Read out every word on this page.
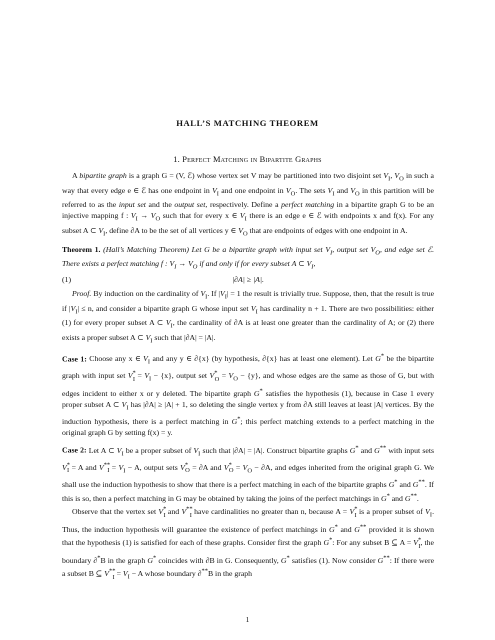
HALL’S MATCHING THEOREM
1. Perfect Matching in Bipartite Graphs

A bipartite graph is a graph G = (V, ℰ) whose vertex set V may be partitioned into two disjoint set $V_I$, $V_O$ in such a way that every edge e ∈ ℰ has one endpoint in $V_I$ and one endpoint in $V_O$. The sets $V_I$ and $V_O$ in this partition will be referred to as the input set and the output set, respectively. Define a perfect matching in a bipartite graph G to be an injective mapping f : $V_I \to V_O$ such that for every x ∈ $V_I$ there is an edge e ∈ ℰ with endpoints x and f(x). For any subset A ⊂ $V_I$, define ∂A to be the set of all vertices y ∈ $V_O$ that are endpoints of edges with one endpoint in A.

Theorem 1. (Hall’s Matching Theorem) Let G be a bipartite graph with input set $V_I$, output set $V_O$, and edge set ℰ. There exists a perfect matching f : $V_I \to V_O$ if and only if for every subset A ⊂ $V_I$,

(1)	|∂A| ≥ |A|.

Proof. By induction on the cardinality of $V_I$. If $|V_I| = 1$ the result is trivially true. Suppose, then, that the result is true if $|V_I| \le n$, and consider a bipartite graph G whose input set $V_I$ has cardinality n + 1. There are two possibilities: either (1) for every proper subset A ⊂ $V_I$, the cardinality of ∂A is at least one greater than the cardinality of A; or (2) there exists a proper subset A ⊂ $V_I$ such that |∂A| = |A|.

Case 1: Choose any x ∈ $V_I$ and any y ∈ ∂{x} (by hypothesis, ∂{x} has at least one element). Let G* be the bipartite graph with input set $V^*_I = V_I - \{x\}$, output set $V^*_O = V_O - \{y\}$, and whose edges are the same as those of G, but with edges incident to either x or y deleted. The bipartite graph G* satisfies the hypothesis (1), because in Case 1 every proper subset A ⊂ $V_I$ has |∂A| ≥ |A| + 1, so deleting the single vertex y from ∂A still leaves at least |A| vertices. By the induction hypothesis, there is a perfect matching in G*; this perfect matching extends to a perfect matching in the original graph G by setting f(x) = y.

Case 2: Let A ⊂ $V_I$ be a proper subset of $V_I$ such that |∂A| = |A|. Construct bipartite graphs G* and G** with input sets $V^*_I = A$ and $V^{**}_I = V_I - A$, output sets $V^*_O = \partial A$ and $V^*_O = V_O - \partial A$, and edges inherited from the original graph G. We shall use the induction hypothesis to show that there is a perfect matching in each of the bipartite graphs G* and G**. If this is so, then a perfect matching in G may be obtained by taking the joins of the perfect matchings in G* and G**.

Observe that the vertex set $V^*_I$ and $V^{**}_I$ have cardinalities no greater than n, because $A = V^*_I$ is a proper subset of $V_I$. Thus, the induction hypothesis will guarantee the existence of perfect matchings in G* and G** provided it is shown that the hypothesis (1) is satisfied for each of these graphs. Consider first the graph G*: For any subset B ⊆ $A = V^*_I$, the boundary ∂*B in the graph G* coincides with ∂B in G. Consequently, G* satisfies (1). Now consider G**: If there were a subset B ⊆ $V^{**}_I = V_I - A$ whose boundary ∂**B in the graph

1
